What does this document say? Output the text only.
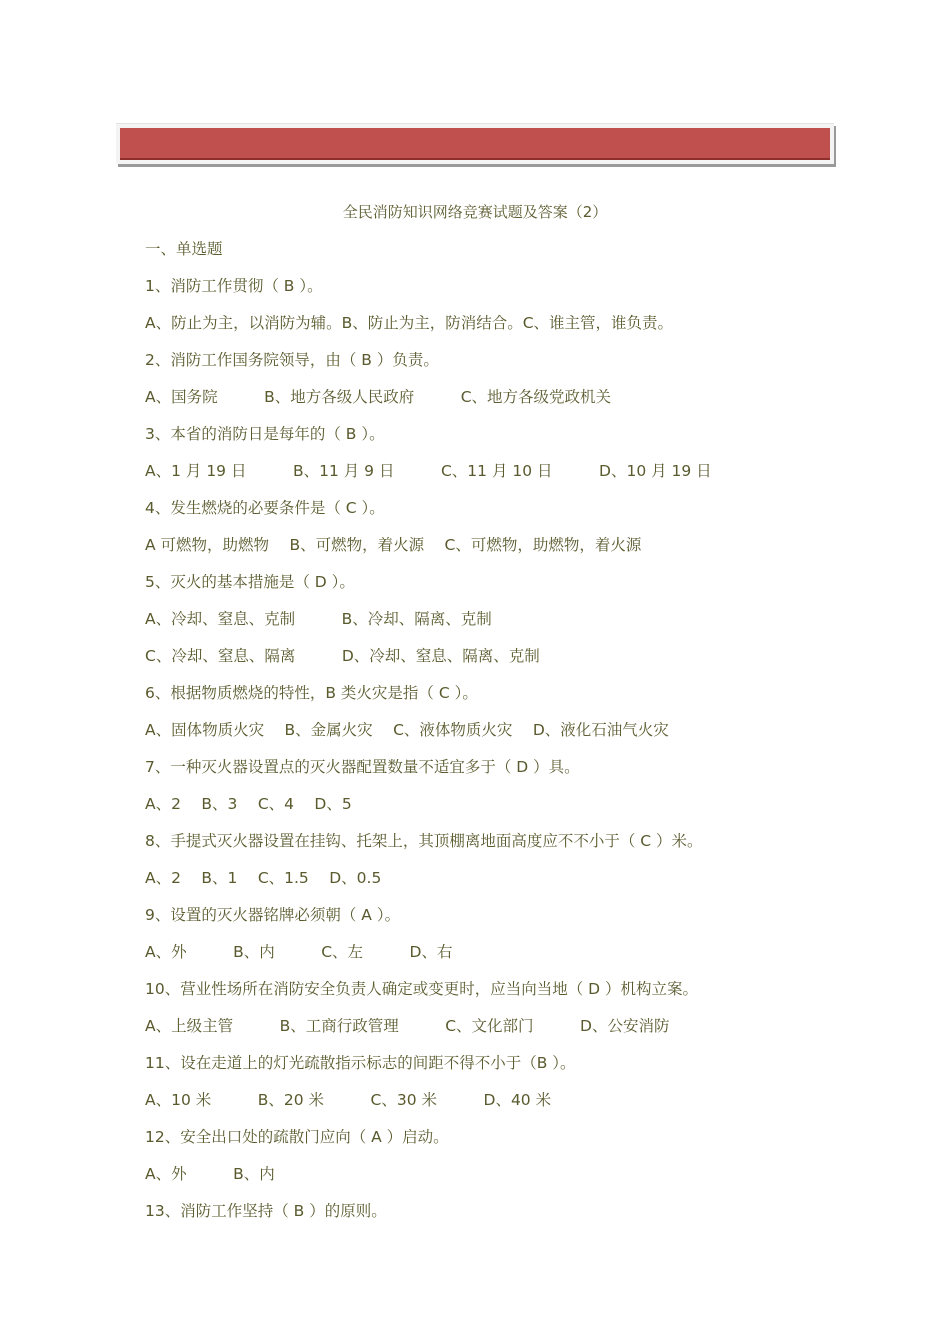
全民消防知识网络竞赛试题及答案（2）
一、单选题
1、消防工作贯彻（ B ）。
A、防止为主，以消防为辅。B、防止为主，防消结合。C、谁主管，谁负责。
2、消防工作国务院领导，由（ B ）负责。
A、国务院　　　B、地方各级人民政府　　　C、地方各级党政机关
3、本省的消防日是每年的（ B ）。
A、1 月 19 日　　　B、11 月 9 日　　　C、11 月 10 日　　　D、10 月 19 日
4、发生燃烧的必要条件是（ C ）。
A 可燃物，助燃物　 B、可燃物，着火源　 C、可燃物，助燃物，着火源
5、灭火的基本措施是（ D ）。
A、冷却、窒息、克制　　　B、冷却、隔离、克制
C、冷却、窒息、隔离　　　D、冷却、窒息、隔离、克制
6、根据物质燃烧的特性，B 类火灾是指（ C ）。
A、固体物质火灾　 B、金属火灾　 C、液体物质火灾　 D、液化石油气火灾
7、一种灭火器设置点的灭火器配置数量不适宜多于（ D ）具。
A、2　 B、3　 C、4　 D、5
8、手提式灭火器设置在挂钩、托架上，其顶棚离地面高度应不不小于（ C ）米。
A、2　 B、1　 C、1.5　 D、0.5
9、设置的灭火器铭牌必须朝（ A ）。
A、外　　　B、内　　　C、左　　　D、右
10、营业性场所在消防安全负责人确定或变更时，应当向当地（ D ）机构立案。
A、上级主管　　　B、工商行政管理　　　C、文化部门　　　D、公安消防
11、设在走道上的灯光疏散指示标志的间距不得不小于（B ）。
A、10 米　　　B、20 米　　　C、30 米　　　D、40 米
12、安全出口处的疏散门应向（ A ）启动。
A、外　　　B、内
13、消防工作坚持（ B ）的原则。
